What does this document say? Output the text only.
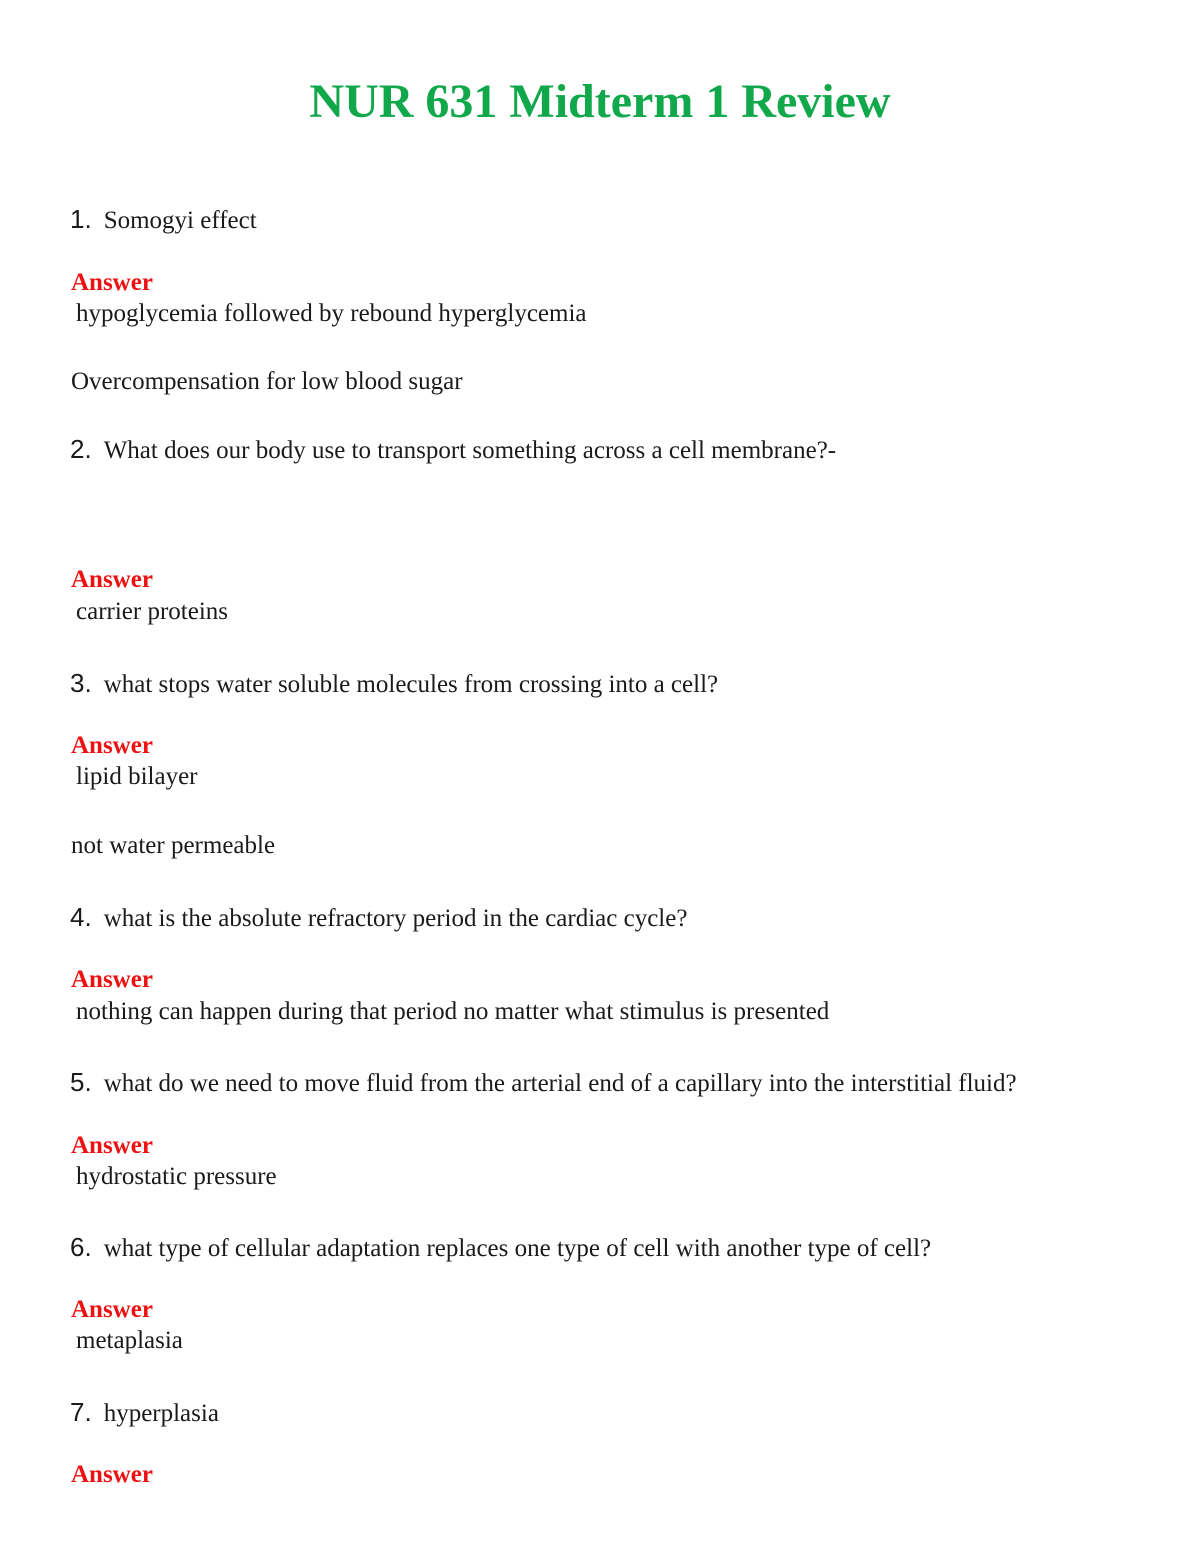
NUR 631 Midterm 1 Review
1. Somogyi effect
Answer
hypoglycemia followed by rebound hyperglycemia
Overcompensation for low blood sugar
2. What does our body use to transport something across a cell membrane?-
Answer
carrier proteins
3. what stops water soluble molecules from crossing into a cell?
Answer
lipid bilayer
not water permeable
4. what is the absolute refractory period in the cardiac cycle?
Answer
nothing can happen during that period no matter what stimulus is presented
5. what do we need to move fluid from the arterial end of a capillary into the interstitial fluid?
Answer
hydrostatic pressure
6. what type of cellular adaptation replaces one type of cell with another type of cell?
Answer
metaplasia
7. hyperplasia
Answer
